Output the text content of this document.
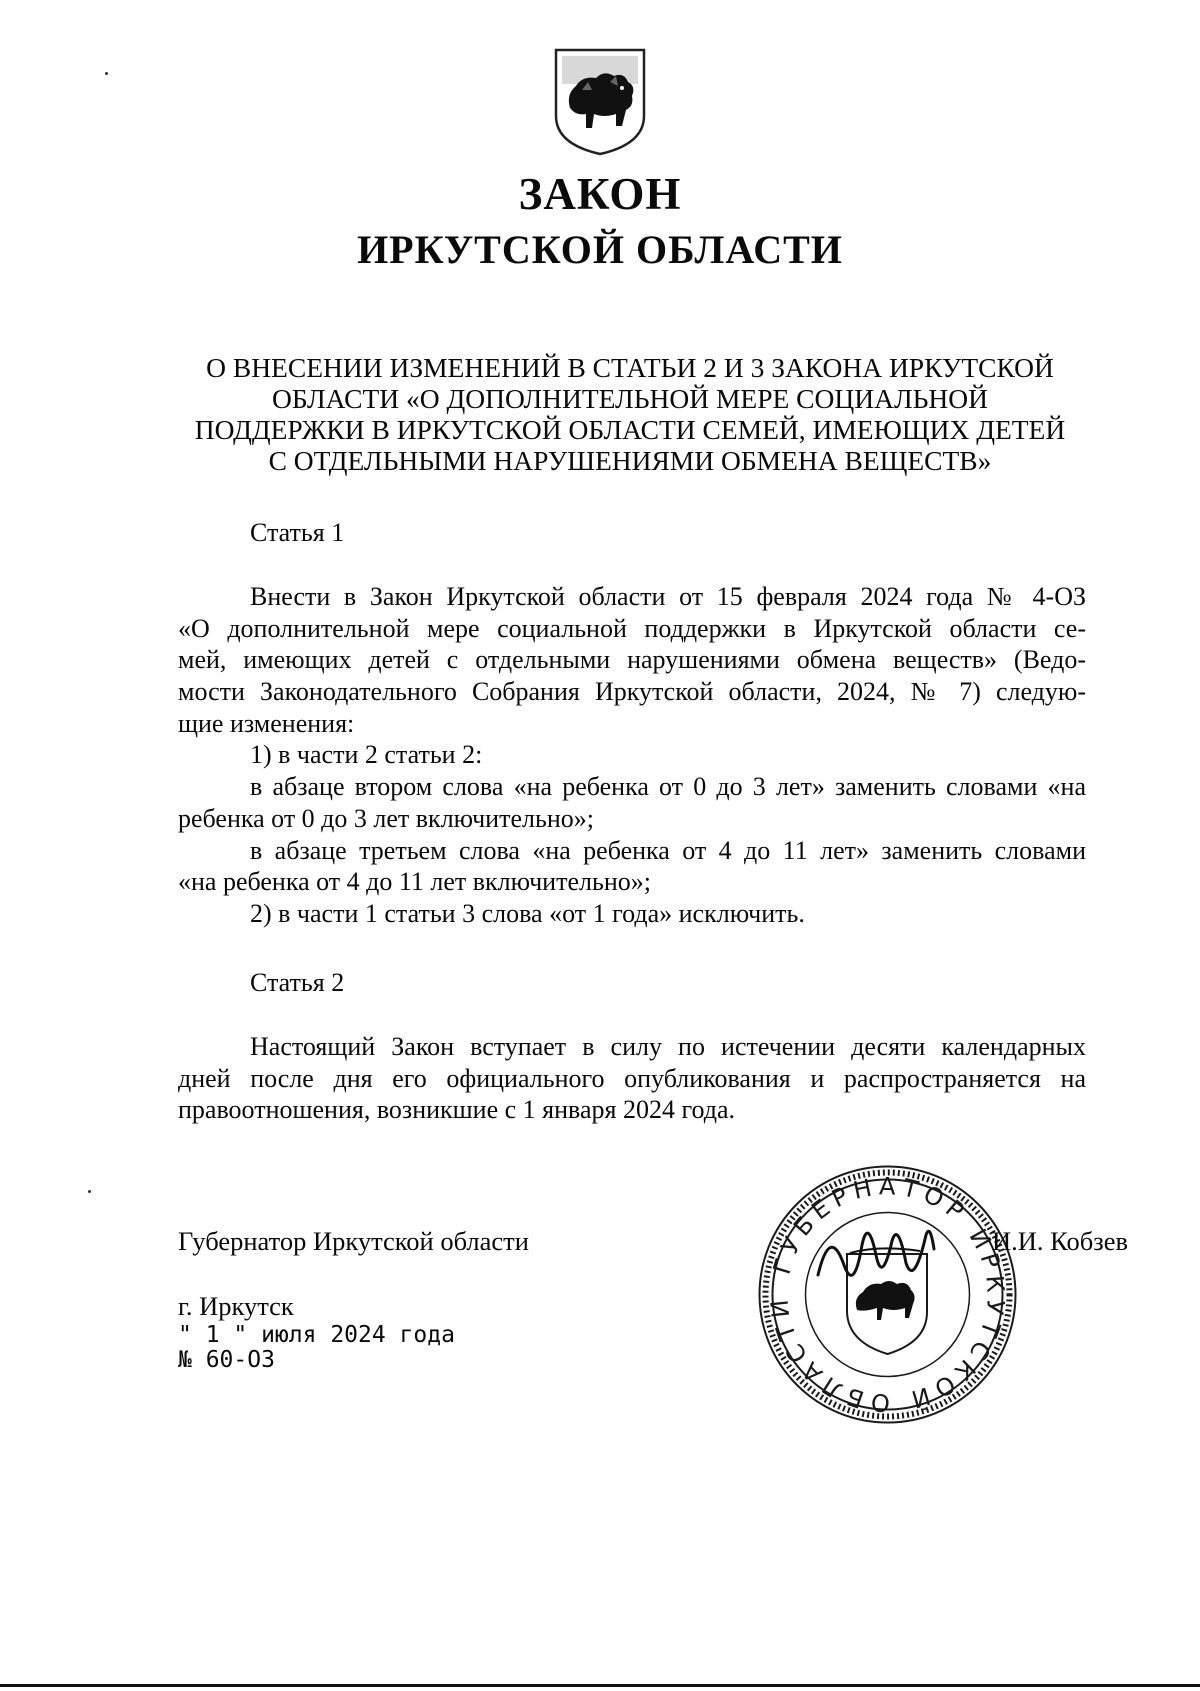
ЗАКОН
ИРКУТСКОЙ ОБЛАСТИ
О ВНЕСЕНИИ ИЗМЕНЕНИЙ В СТАТЬИ 2 И 3 ЗАКОНА ИРКУТСКОЙ
ОБЛАСТИ «О ДОПОЛНИТЕЛЬНОЙ МЕРЕ СОЦИАЛЬНОЙ
ПОДДЕРЖКИ В ИРКУТСКОЙ ОБЛАСТИ СЕМЕЙ, ИМЕЮЩИХ ДЕТЕЙ
С ОТДЕЛЬНЫМИ НАРУШЕНИЯМИ ОБМЕНА ВЕЩЕСТВ»
Статья 1
Внести в Закон Иркутской области от 15 февраля 2024 года № 4-ОЗ
«О дополнительной мере социальной поддержки в Иркутской области се-
мей, имеющих детей с отдельными нарушениями обмена веществ» (Ведо-
мости Законодательного Собрания Иркутской области, 2024, № 7) следую-
щие изменения:
1) в части 2 статьи 2:
в абзаце втором слова «на ребенка от 0 до 3 лет» заменить словами «на
ребенка от 0 до 3 лет включительно»;
в абзаце третьем слова «на ребенка от 4 до 11 лет» заменить словами
«на ребенка от 4 до 11 лет включительно»;
2) в части 1 статьи 3 слова «от 1 года» исключить.
Статья 2
Настоящий Закон вступает в силу по истечении десяти календарных
дней после дня его официального опубликования и распространяется на
правоотношения, возникшие с 1 января 2024 года.
Губернатор Иркутской области
ГУБЕРНАТОР ИРКУТСКОЙ ОБЛАСТИ
И.И. Кобзев
г. Иркутск
" 1 " июля 2024 года
№ 60-ОЗ
